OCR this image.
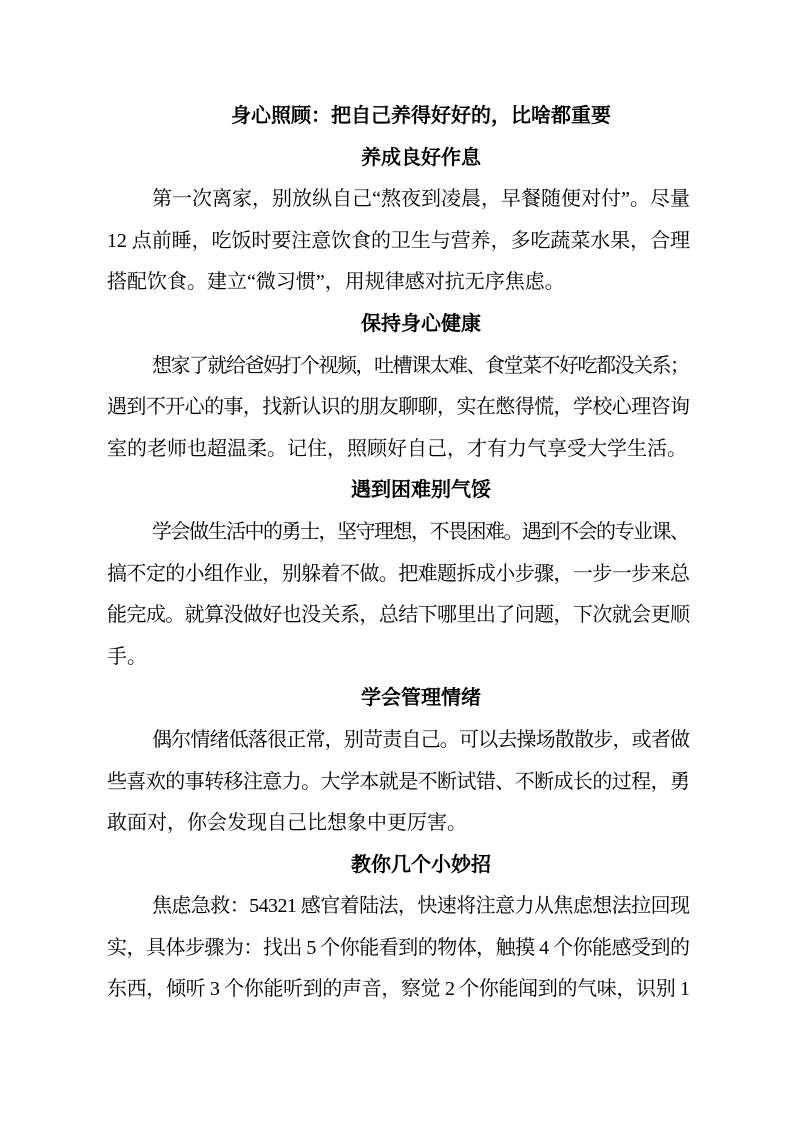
身心照顾：把自己养得好好的，比啥都重要
养成良好作息
第一次离家，别放纵自己“熬夜到凌晨，早餐随便对付”。尽量
12 点前睡，吃饭时要注意饮食的卫生与营养，多吃蔬菜水果，合理
搭配饮食。建立“微习惯”，用规律感对抗无序焦虑。
保持身心健康
想家了就给爸妈打个视频，吐槽课太难、食堂菜不好吃都没关系；
遇到不开心的事，找新认识的朋友聊聊，实在憋得慌，学校心理咨询
室的老师也超温柔。记住，照顾好自己，才有力气享受大学生活。
遇到困难别气馁
学会做生活中的勇士，坚守理想，不畏困难。遇到不会的专业课、
搞不定的小组作业，别躲着不做。把难题拆成小步骤，一步一步来总
能完成。就算没做好也没关系，总结下哪里出了问题，下次就会更顺
手。
学会管理情绪
偶尔情绪低落很正常，别苛责自己。可以去操场散散步，或者做
些喜欢的事转移注意力。大学本就是不断试错、不断成长的过程，勇
敢面对，你会发现自己比想象中更厉害。
教你几个小妙招
焦虑急救：54321 感官着陆法，快速将注意力从焦虑想法拉回现
实，具体步骤为：找出 5 个你能看到的物体，触摸 4 个你能感受到的
东西，倾听 3 个你能听到的声音，察觉 2 个你能闻到的气味，识别 1
